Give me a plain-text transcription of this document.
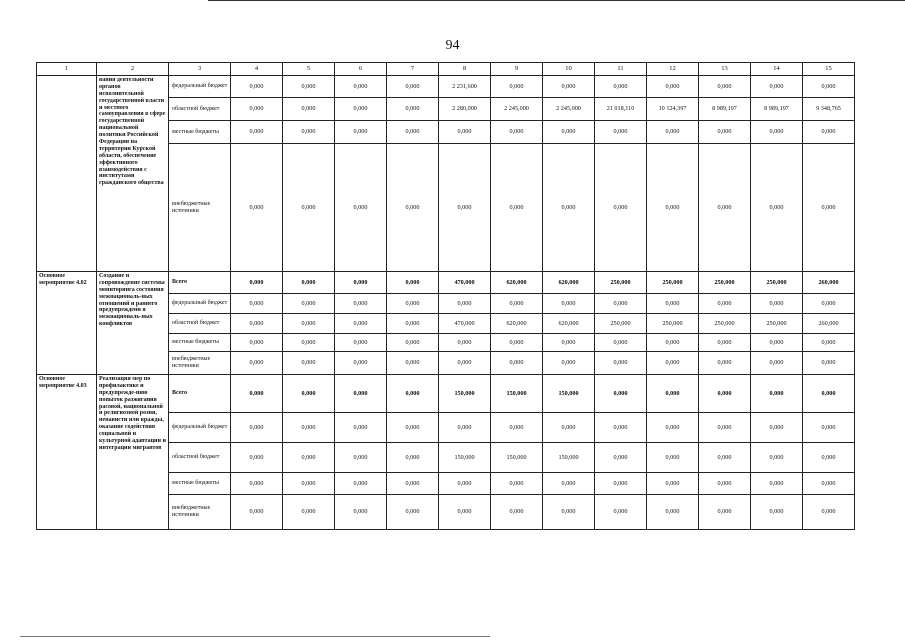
94
1	2	3	4	5	6	7	8	9	10	11	12	13	14	15
	вания деятельности органов исполнительной государственной власти и местного самоуправления в сфере государственной национальной политики Российской Федерации на территории Курской области, обеспечение эффективного взаимодействия с институтами гражданского общества	федеральный бюджет	0,000	0,000	0,000	0,000	2 231,600	0,000	0,000	0,000	0,000	0,000	0,000	0,000
		областной бюджет	0,000	0,000	0,000	0,000	2 280,000	2 245,000	2 245,000	21 018,110	10 124,397	8 989,197	8 989,197	9 348,765
		местные бюджеты	0,000	0,000	0,000	0,000	0,000	0,000	0,000	0,000	0,000	0,000	0,000	0,000
		внебюджетные источники	0,000	0,000	0,000	0,000	0,000	0,000	0,000	0,000	0,000	0,000	0,000	0,000
Основное мероприятие 4.02	Создание и сопровождение системы мониторинга состояния межнациональ-ных отношений и раннего предупреждени я межнациональ-ных конфликтов	Всего	0,000	0,000	0,000	0,000	470,000	620,000	620,000	250,000	250,000	250,000	250,000	260,000
		федеральный бюджет	0,000	0,000	0,000	0,000	0,000	0,000	0,000	0,000	0,000	0,000	0,000	0,000
		областной бюджет	0,000	0,000	0,000	0,000	470,000	620,000	620,000	250,000	250,000	250,000	250,000	260,000
		местные бюджеты	0,000	0,000	0,000	0,000	0,000	0,000	0,000	0,000	0,000	0,000	0,000	0,000
		внебюджетные источники	0,000	0,000	0,000	0,000	0,000	0,000	0,000	0,000	0,000	0,000	0,000	0,000
Основное мероприятие 4.03	Реализация мер по профилактике и предупрежде-нию попыток разжигания расовой, национальной и религиозной розни, ненависти или вражды, оказание содействия социальной и культурной адаптации и интеграции мигрантов	Всего	0,000	0,000	0,000	0,000	150,000	150,000	150,000	0,000	0,000	0,000	0,000	0,000
		федеральный бюджет	0,000	0,000	0,000	0,000	0,000	0,000	0,000	0,000	0,000	0,000	0,000	0,000
		областной бюджет	0,000	0,000	0,000	0,000	150,000	150,000	150,000	0,000	0,000	0,000	0,000	0,000
		местные бюджеты	0,000	0,000	0,000	0,000	0,000	0,000	0,000	0,000	0,000	0,000	0,000	0,000
		внебюджетные источники	0,000	0,000	0,000	0,000	0,000	0,000	0,000	0,000	0,000	0,000	0,000	0,000
